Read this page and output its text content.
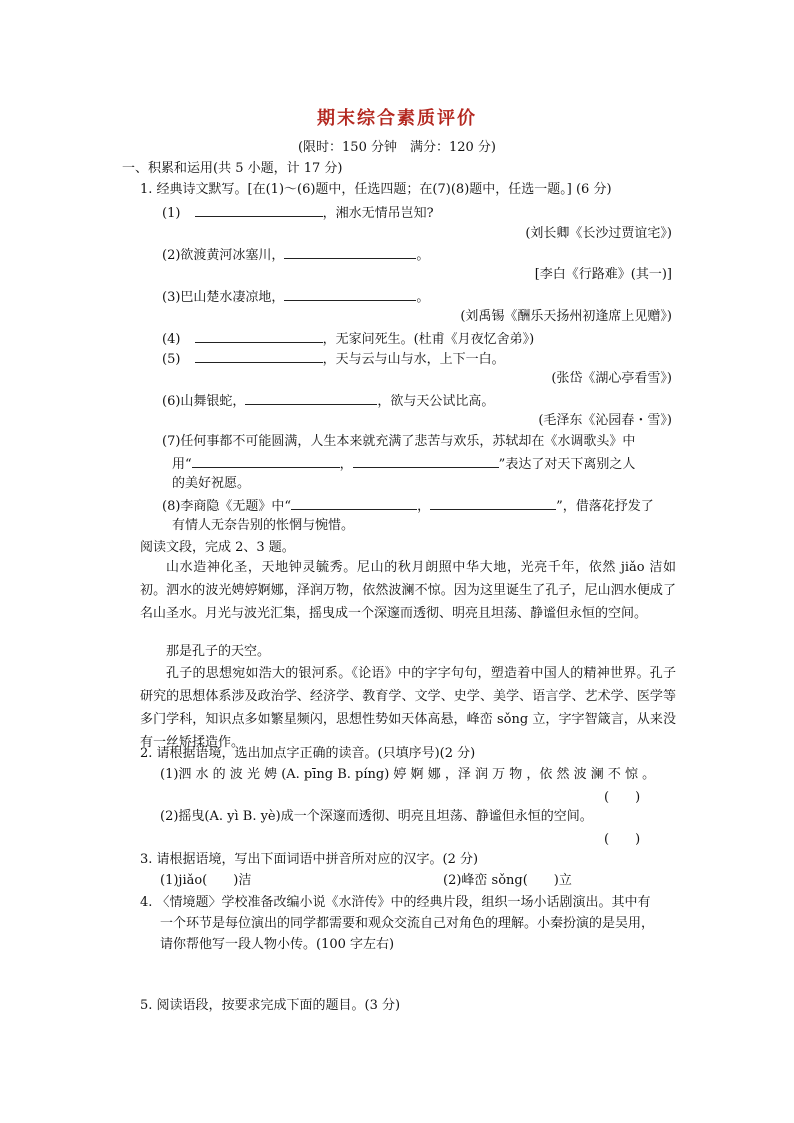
期末综合素质评价
(限时：150 分钟　满分：120 分)
一、积累和运用(共 5 小题，计 17 分)
1. 经典诗文默写。[在(1)～(6)题中，任选四题；在(7)(8)题中，任选一题。] (6 分)
(1)	，湘水无情吊岂知?
(刘长卿《长沙过贾谊宅》)
(2)欲渡黄河冰塞川，	。
[李白《行路难》(其一)]
(3)巴山楚水凄凉地，	。
(刘禹锡《酬乐天扬州初逢席上见赠》)
(4)	，无家问死生。(杜甫《月夜忆舍弟》)
(5)	，天与云与山与水，上下一白。
(张岱《湖心亭看雪》)
(6)山舞银蛇，	，欲与天公试比高。
(毛泽东《沁园春・雪》)
(7)任何事都不可能圆满，人生本来就充满了悲苦与欢乐，苏轼却在《水调歌头》中
用“	，	”表达了对天下离别之人
的美好祝愿。
(8)李商隐《无题》中“	，	”，借落花抒发了
有情人无奈告别的怅惘与惋惜。
阅读文段，完成 2、3 题。
山水造神化圣，天地钟灵毓秀。尼山的秋月朗照中华大地，光亮千年，依然 jiǎo 洁如初。泗水的波光娉婷婀娜，泽润万物，依然波澜不惊。因为这里诞生了孔子，尼山泗水便成了名山圣水。月光与波光汇集，摇曳成一个深邃而透彻、明亮且坦荡、静谧但永恒的空间。
那是孔子的天空。
孔子的思想宛如浩大的银河系。《论语》中的字字句句，塑造着中国人的精神世界。孔子研究的思想体系涉及政治学、经济学、教育学、文学、史学、美学、语言学、艺术学、医学等多门学科，知识点多如繁星频闪，思想性势如天体高悬，峰峦 sǒng 立，字字智箴言，从来没有一丝矫揉造作。
2. 请根据语境，选出加点字正确的读音。(只填序号)(2 分)
(1)泗 水 的 波 光 娉 (A. pīng B. píng) 婷 婀 娜 ，泽 润 万 物 ，依 然 波 澜 不 惊 。
(　　)
(2)摇曳(A. yì B. yè)成一个深邃而透彻、明亮且坦荡、静谧但永恒的空间。
(　　)
3. 请根据语境，写出下面词语中拼音所对应的汉字。(2 分)
(1)jiǎo(　　)洁	(2)峰峦 sǒng(　　)立
4. 〈情境题〉学校准备改编小说《水浒传》中的经典片段，组织一场小话剧演出。其中有
一个环节是每位演出的同学都需要和观众交流自己对角色的理解。小秦扮演的是吴用，
请你帮他写一段人物小传。(100 字左右)
5. 阅读语段，按要求完成下面的题目。(3 分)
